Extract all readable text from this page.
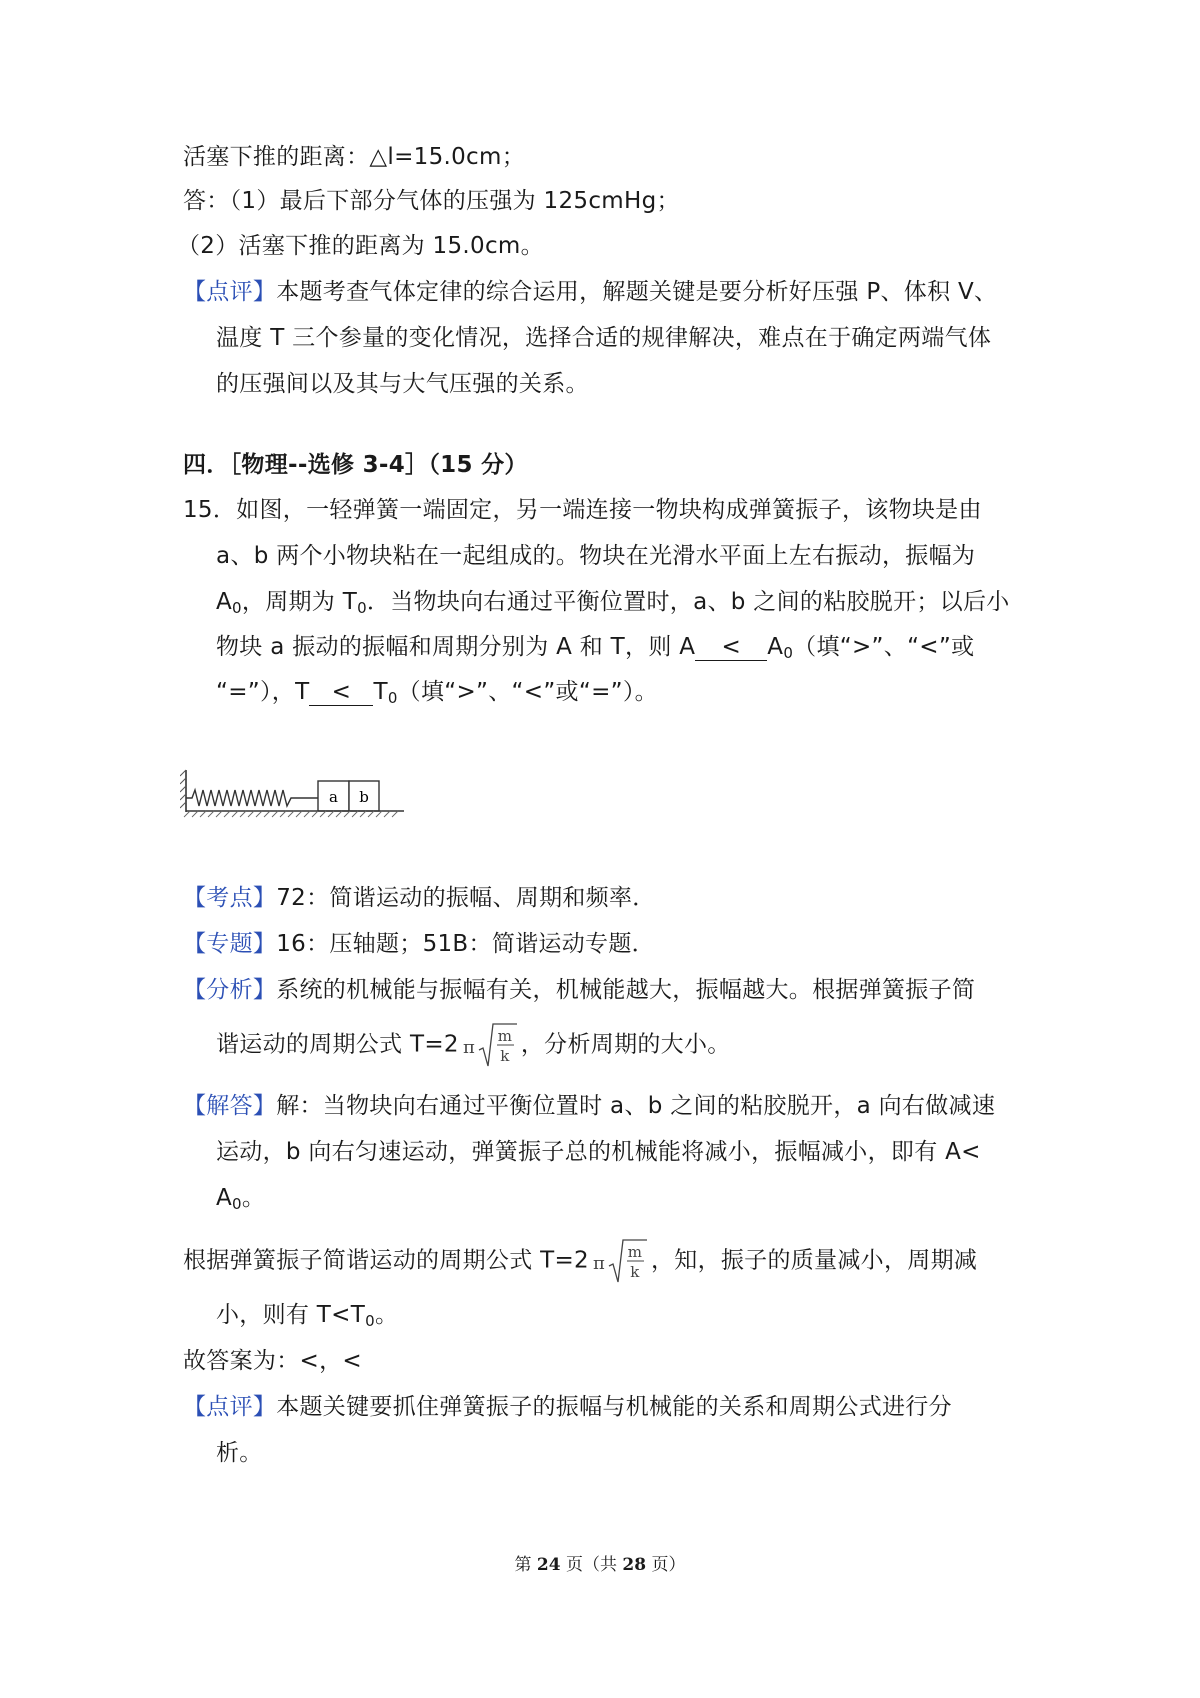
活塞下推的距离：△l=15.0cm；
答：（1）最后下部分气体的压强为 125cmHg；
（2）活塞下推的距离为 15.0cm。
【点评】本题考查气体定律的综合运用，解题关键是要分析好压强 P、体积 V、
温度 T 三个参量的变化情况，选择合适的规律解决，难点在于确定两端气体
的压强间以及其与大气压强的关系。
四．［物理--选修 3-4］（15 分）
15．如图，一轻弹簧一端固定，另一端连接一物块构成弹簧振子，该物块是由
a、b 两个小物块粘在一起组成的。物块在光滑水平面上左右振动，振幅为
$A_0$，周期为 $T_0$．当物块向右通过平衡位置时，a、b 之间的粘胶脱开；以后小
物块 a 振动的振幅和周期分别为 A 和 T，则 $A < A_0$（填“>”、“<”或
“=”），$T < T_0$（填“>”、“<”或“=”）。
a b
【考点】72：简谐运动的振幅、周期和频率．
【专题】16：压轴题；51B：简谐运动专题．
【分析】系统的机械能与振幅有关，机械能越大，振幅越大。根据弹簧振子简
谐运动的周期公式 T=2 π
m
k ，分析周期的大小。
【解答】解：当物块向右通过平衡位置时 a、b 之间的粘胶脱开，a 向右做减速
运动，b 向右匀速运动，弹簧振子总的机械能将减小，振幅减小，即有 A<
$A_0$。
根据弹簧振子简谐运动的周期公式 T=2 π
m
k ，知，振子的质量减小，周期减
小，则有 $T<T_0$。
故答案为：<，<
【点评】本题关键要抓住弹簧振子的振幅与机械能的关系和周期公式进行分
析。
第 24 页（共 28 页）
